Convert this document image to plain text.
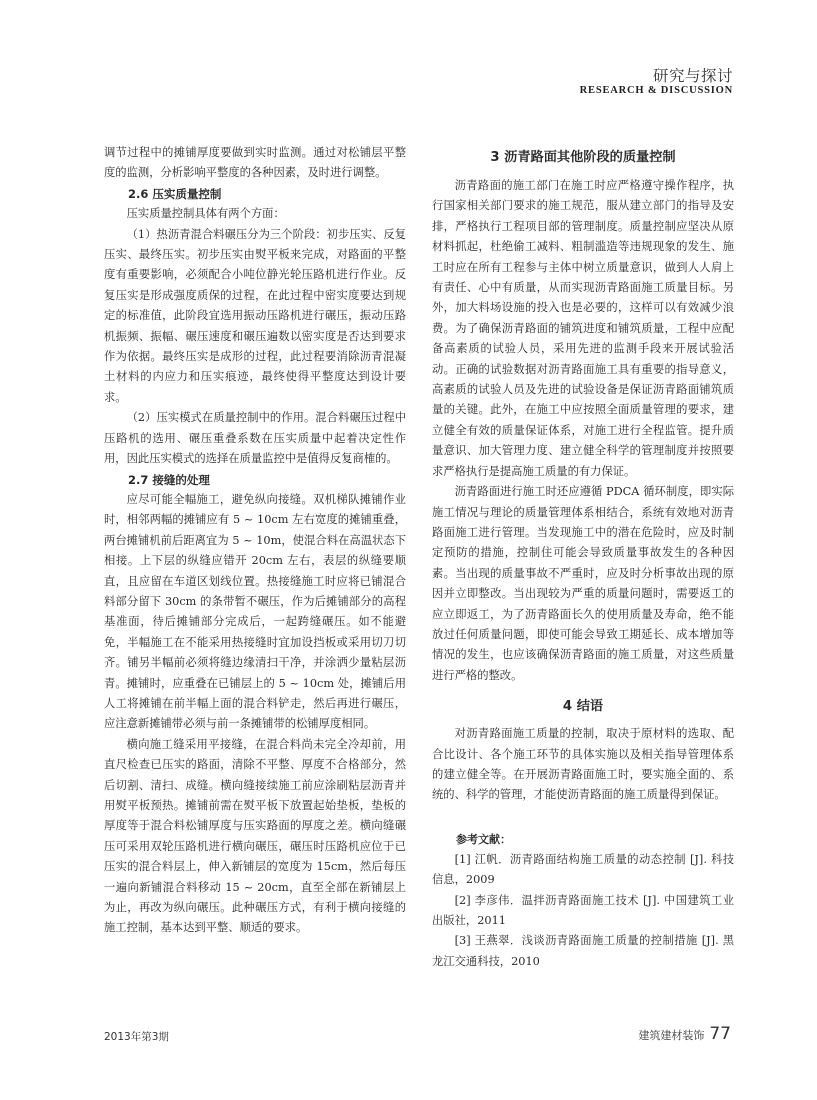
研究与探讨
RESEARCH & DISCUSSION

调节过程中的摊铺厚度要做到实时监测。通过对松铺层平整度的监测，分析影响平整度的各种因素，及时进行调整。

2.6 压实质量控制

压实质量控制具体有两个方面：

（1）热沥青混合料碾压分为三个阶段：初步压实、反复压实、最终压实。初步压实由熨平板来完成，对路面的平整度有重要影响，必须配合小吨位静光轮压路机进行作业。反复压实是形成强度质保的过程，在此过程中密实度要达到规定的标准值，此阶段宜选用振动压路机进行碾压，振动压路机振频、振幅、碾压速度和碾压遍数以密实度是否达到要求作为依据。最终压实是成形的过程，此过程要消除沥青混凝土材料的内应力和压实痕迹，最终使得平整度达到设计要求。

（2）压实模式在质量控制中的作用。混合料碾压过程中压路机的选用、碾压重叠系数在压实质量中起着决定性作用，因此压实模式的选择在质量监控中是值得反复商榷的。

2.7 接缝的处理

应尽可能全幅施工，避免纵向接缝。双机梯队摊铺作业时，相邻两幅的摊铺应有 5 ~ 10cm 左右宽度的摊铺重叠，两台摊铺机前后距离宜为 5 ~ 10m，使混合料在高温状态下相接。上下层的纵缝应错开 20cm 左右，表层的纵缝要顺直，且应留在车道区划线位置。热接缝施工时应将已铺混合料部分留下 30cm 的条带暂不碾压，作为后摊铺部分的高程基准面，待后摊铺部分完成后，一起跨缝碾压。如不能避免，半幅施工在不能采用热接缝时宜加设挡板或采用切刀切齐。铺另半幅前必须将缝边缘清扫干净，并涂洒少量粘层沥青。摊铺时，应重叠在已铺层上的 5 ~ 10cm 处，摊铺后用人工将摊铺在前半幅上面的混合料铲走，然后再进行碾压，应注意新摊铺带必须与前一条摊铺带的松铺厚度相同。

横向施工缝采用平接缝，在混合料尚未完全冷却前，用直尺检查已压实的路面，清除不平整、厚度不合格部分，然后切割、清扫、成缝。横向缝接续施工前应涂刷粘层沥青并用熨平板预热。摊铺前需在熨平板下放置起始垫板，垫板的厚度等于混合料松铺厚度与压实路面的厚度之差。横向缝碾压可采用双轮压路机进行横向碾压，碾压时压路机应位于已压实的混合料层上，伸入新铺层的宽度为 15cm，然后每压一遍向新铺混合料移动 15 ~ 20cm，直至全部在新铺层上为止，再改为纵向碾压。此种碾压方式，有利于横向接缝的施工控制，基本达到平整、顺适的要求。

3 沥青路面其他阶段的质量控制

沥青路面的施工部门在施工时应严格遵守操作程序，执行国家相关部门要求的施工规范，服从建立部门的指导及安排，严格执行工程项目部的管理制度。质量控制应坚决从原材料抓起，杜绝偷工减料、粗制滥造等违规现象的发生、施工时应在所有工程参与主体中树立质量意识，做到人人肩上有责任、心中有质量，从而实现沥青路面施工质量目标。另外，加大料场设施的投入也是必要的，这样可以有效减少浪费。为了确保沥青路面的铺筑进度和铺筑质量，工程中应配备高素质的试验人员，采用先进的监测手段来开展试验活动。正确的试验数据对沥青路面施工具有重要的指导意义，高素质的试验人员及先进的试验设备是保证沥青路面铺筑质量的关键。此外，在施工中应按照全面质量管理的要求，建立健全有效的质量保证体系，对施工进行全程监管。提升质量意识、加大管理力度、建立健全科学的管理制度并按照要求严格执行是提高施工质量的有力保证。

沥青路面进行施工时还应遵循 PDCA 循环制度，即实际施工情况与理论的质量管理体系相结合，系统有效地对沥青路面施工进行管理。当发现施工中的潜在危险时，应及时制定预防的措施，控制住可能会导致质量事故发生的各种因素。当出现的质量事故不严重时，应及时分析事故出现的原因并立即整改。当出现较为严重的质量问题时，需要返工的应立即返工，为了沥青路面长久的使用质量及寿命，绝不能放过任何质量问题，即使可能会导致工期延长、成本增加等情况的发生，也应该确保沥青路面的施工质量，对这些质量进行严格的整改。

4 结语

对沥青路面施工质量的控制，取决于原材料的选取、配合比设计、各个施工环节的具体实施以及相关指导管理体系的建立健全等。在开展沥青路面施工时，要实施全面的、系统的、科学的管理，才能使沥青路面的施工质量得到保证。

参考文献：

[1] 江帆．沥青路面结构施工质量的动态控制 [J]. 科技信息，2009

[2] 李彦伟．温拌沥青路面施工技术 [J]. 中国建筑工业出版社，2011

[3] 王燕翠．浅谈沥青路面施工质量的控制措施 [J]. 黑龙江交通科技，2010

2013年第3期	建筑建材装饰 77
